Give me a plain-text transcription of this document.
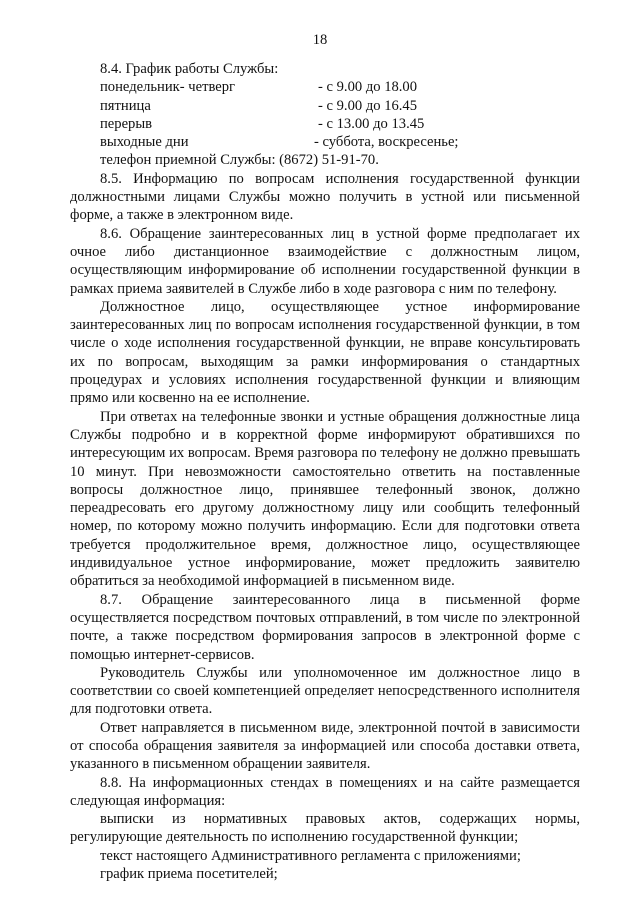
18

8.4. График работы Службы:

понедельник- четверг	- с 9.00 до 18.00
пятница	- с 9.00 до 16.45
перерыв	- с 13.00 до 13.45
выходные дни	- суббота, воскресенье;

телефон приемной Службы: (8672) 51-91-70.

8.5. Информацию по вопросам исполнения государственной функции должностными лицами Службы можно получить в устной или письменной форме, а также в электронном виде.

8.6. Обращение заинтересованных лиц в устной форме предполагает их очное либо дистанционное взаимодействие с должностным лицом, осуществляющим информирование об исполнении государственной функции в рамках приема заявителей в Службе либо в ходе разговора с ним по телефону.

Должностное лицо, осуществляющее устное информирование заинтересованных лиц по вопросам исполнения государственной функции, в том числе о ходе исполнения государственной функции, не вправе консультировать их по вопросам, выходящим за рамки информирования о стандартных процедурах и условиях исполнения государственной функции и влияющим прямо или косвенно на ее исполнение.

При ответах на телефонные звонки и устные обращения должностные лица Службы подробно и в корректной форме информируют обратившихся по интересующим их вопросам. Время разговора по телефону не должно превышать 10 минут. При невозможности самостоятельно ответить на поставленные вопросы должностное лицо, принявшее телефонный звонок, должно переадресовать его другому должностному лицу или сообщить телефонный номер, по которому можно получить информацию. Если для подготовки ответа требуется продолжительное время, должностное лицо, осуществляющее индивидуальное устное информирование, может предложить заявителю обратиться за необходимой информацией в письменном виде.

8.7. Обращение заинтересованного лица в письменной форме осуществляется посредством почтовых отправлений, в том числе по электронной почте, а также посредством формирования запросов в электронной форме с помощью интернет-сервисов.

Руководитель Службы или уполномоченное им должностное лицо в соответствии со своей компетенцией определяет непосредственного исполнителя для подготовки ответа.

Ответ направляется в письменном виде, электронной почтой в зависимости от способа обращения заявителя за информацией или способа доставки ответа, указанного в письменном обращении заявителя.

8.8. На информационных стендах в помещениях и на сайте размещается следующая информация:

выписки из нормативных правовых актов, содержащих нормы, регулирующие деятельность по исполнению государственной функции;

текст настоящего Административного регламента с приложениями;

график приема посетителей;
